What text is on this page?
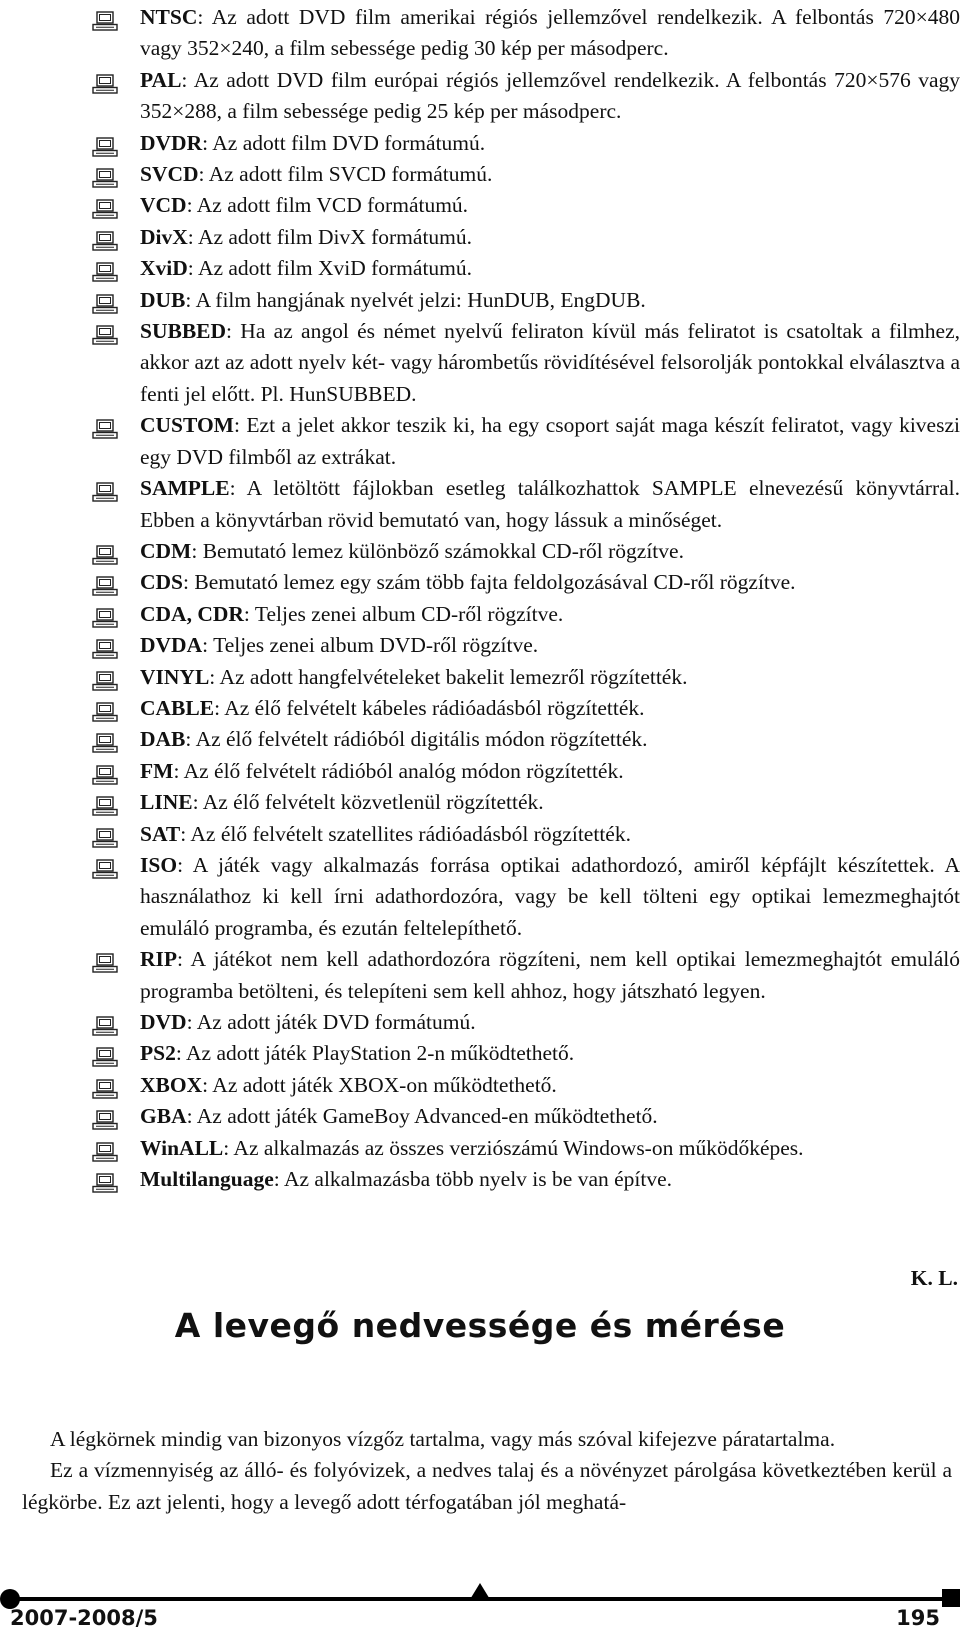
NTSC: Az adott DVD film amerikai régiós jellemzővel rendelkezik. A felbontás 720×480 vagy 352×240, a film sebessége pedig 30 kép per másodperc.
PAL: Az adott DVD film európai régiós jellemzővel rendelkezik. A felbontás 720×576 vagy 352×288, a film sebessége pedig 25 kép per másodperc.
DVDR: Az adott film DVD formátumú.
SVCD: Az adott film SVCD formátumú.
VCD: Az adott film VCD formátumú.
DivX: Az adott film DivX formátumú.
XviD: Az adott film XviD formátumú.
DUB: A film hangjának nyelvét jelzi: HunDUB, EngDUB.
SUBBED: Ha az angol és német nyelvű feliraton kívül más feliratot is csatoltak a filmhez, akkor azt az adott nyelv két- vagy hárombetűs rövidítésével felsorolják pontokkal elválasztva a fenti jel előtt. Pl. HunSUBBED.
CUSTOM: Ezt a jelet akkor teszik ki, ha egy csoport saját maga készít feliratot, vagy kiveszi egy DVD filmből az extrákat.
SAMPLE: A letöltött fájlokban esetleg találkozhattok SAMPLE elnevezésű könyvtárral. Ebben a könyvtárban rövid bemutató van, hogy lássuk a minőséget.
CDM: Bemutató lemez különböző számokkal CD-ről rögzítve.
CDS: Bemutató lemez egy szám több fajta feldolgozásával CD-ről rögzítve.
CDA, CDR: Teljes zenei album CD-ről rögzítve.
DVDA: Teljes zenei album DVD-ről rögzítve.
VINYL: Az adott hangfelvételeket bakelit lemezről rögzítették.
CABLE: Az élő felvételt kábeles rádióadásból rögzítették.
DAB: Az élő felvételt rádióból digitális módon rögzítették.
FM: Az élő felvételt rádióból analóg módon rögzítették.
LINE: Az élő felvételt közvetlenül rögzítették.
SAT: Az élő felvételt szatellites rádióadásból rögzítették.
ISO: A játék vagy alkalmazás forrása optikai adathordozó, amiről képfájlt készítettek. A használathoz ki kell írni adathordozóra, vagy be kell tölteni egy optikai lemezmeghajtót emuláló programba, és ezután feltelepíthető.
RIP: A játékot nem kell adathordozóra rögzíteni, nem kell optikai lemezmeghajtót emuláló programba betölteni, és telepíteni sem kell ahhoz, hogy játszható legyen.
DVD: Az adott játék DVD formátumú.
PS2: Az adott játék PlayStation 2-n működtethető.
XBOX: Az adott játék XBOX-on működtethető.
GBA: Az adott játék GameBoy Advanced-en működtethető.
WinALL: Az alkalmazás az összes verziószámú Windows-on működőképes.
Multilanguage: Az alkalmazásba több nyelv is be van építve.
K. L.
A levegő nedvessége és mérése

A légkörnek mindig van bizonyos vízgőz tartalma, vagy más szóval kifejezve páratartalma.

Ez a vízmennyiség az álló- és folyóvizek, a nedves talaj és a növényzet párolgása következtében kerül a légkörbe. Ez azt jelenti, hogy a levegő adott térfogatában jól meghatá-

2007-2008/5	195
